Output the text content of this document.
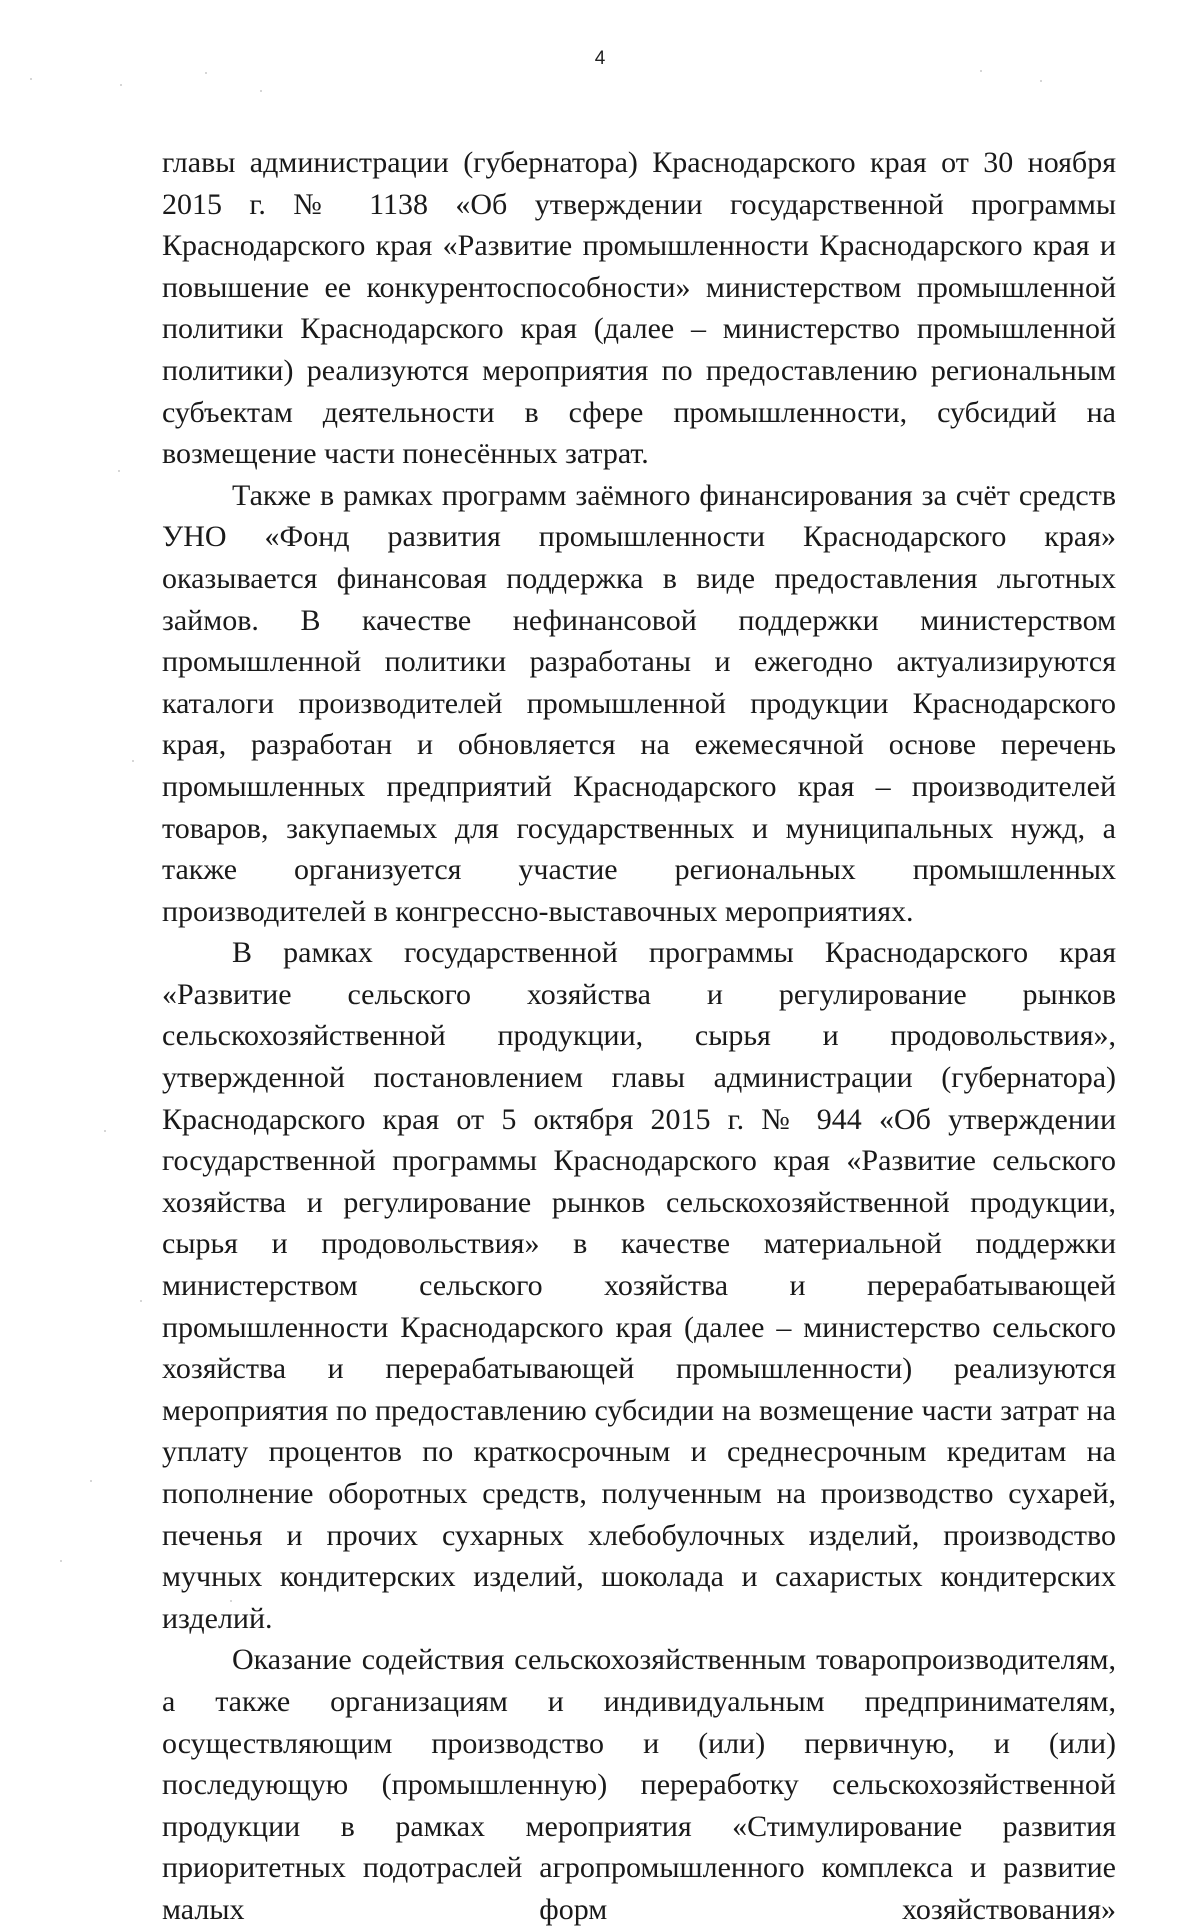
4

главы администрации (губернатора) Краснодарского края от 30 ноября 2015 г. № 1138 «Об утверждении государственной программы Краснодарского края «Развитие промышленности Краснодарского края и повышение ее конкурентоспособности» министерством промышленной политики Краснодарского края (далее – министерство промышленной политики) реализуются мероприятия по предоставлению региональным субъектам деятельности в сфере промышленности, субсидий на возмещение части понесённых затрат.

Также в рамках программ заёмного финансирования за счёт средств УНО «Фонд развития промышленности Краснодарского края» оказывается финансовая поддержка в виде предоставления льготных займов. В качестве нефинансовой поддержки министерством промышленной политики разработаны и ежегодно актуализируются каталоги производителей промышленной продукции Краснодарского края, разработан и обновляется на ежемесячной основе перечень промышленных предприятий Краснодарского края – производителей товаров, закупаемых для государственных и муниципальных нужд, а также организуется участие региональных промышленных производителей в конгрессно-выставочных мероприятиях.

В рамках государственной программы Краснодарского края «Развитие сельского хозяйства и регулирование рынков сельскохозяйственной продукции, сырья и продовольствия», утвержденной постановлением главы администрации (губернатора) Краснодарского края от 5 октября 2015 г. № 944 «Об утверждении государственной программы Краснодарского края «Развитие сельского хозяйства и регулирование рынков сельскохозяйственной продукции, сырья и продовольствия» в качестве материальной поддержки министерством сельского хозяйства и перерабатывающей промышленности Краснодарского края (далее – министерство сельского хозяйства и перерабатывающей промышленности) реализуются мероприятия по предоставлению субсидии на возмещение части затрат на уплату процентов по краткосрочным и среднесрочным кредитам на пополнение оборотных средств, полученным на производство сухарей, печенья и прочих сухарных хлебобулочных изделий, производство мучных кондитерских изделий, шоколада и сахаристых кондитерских изделий.

Оказание содействия сельскохозяйственным товаропроизводителям, а также организациям и индивидуальным предпринимателям, осуществляющим производство и (или) первичную, и (или) последующую (промышленную) переработку сельскохозяйственной продукции в рамках мероприятия «Стимулирование развития приоритетных подотраслей агропромышленного комплекса и развитие малых форм хозяйствования»
